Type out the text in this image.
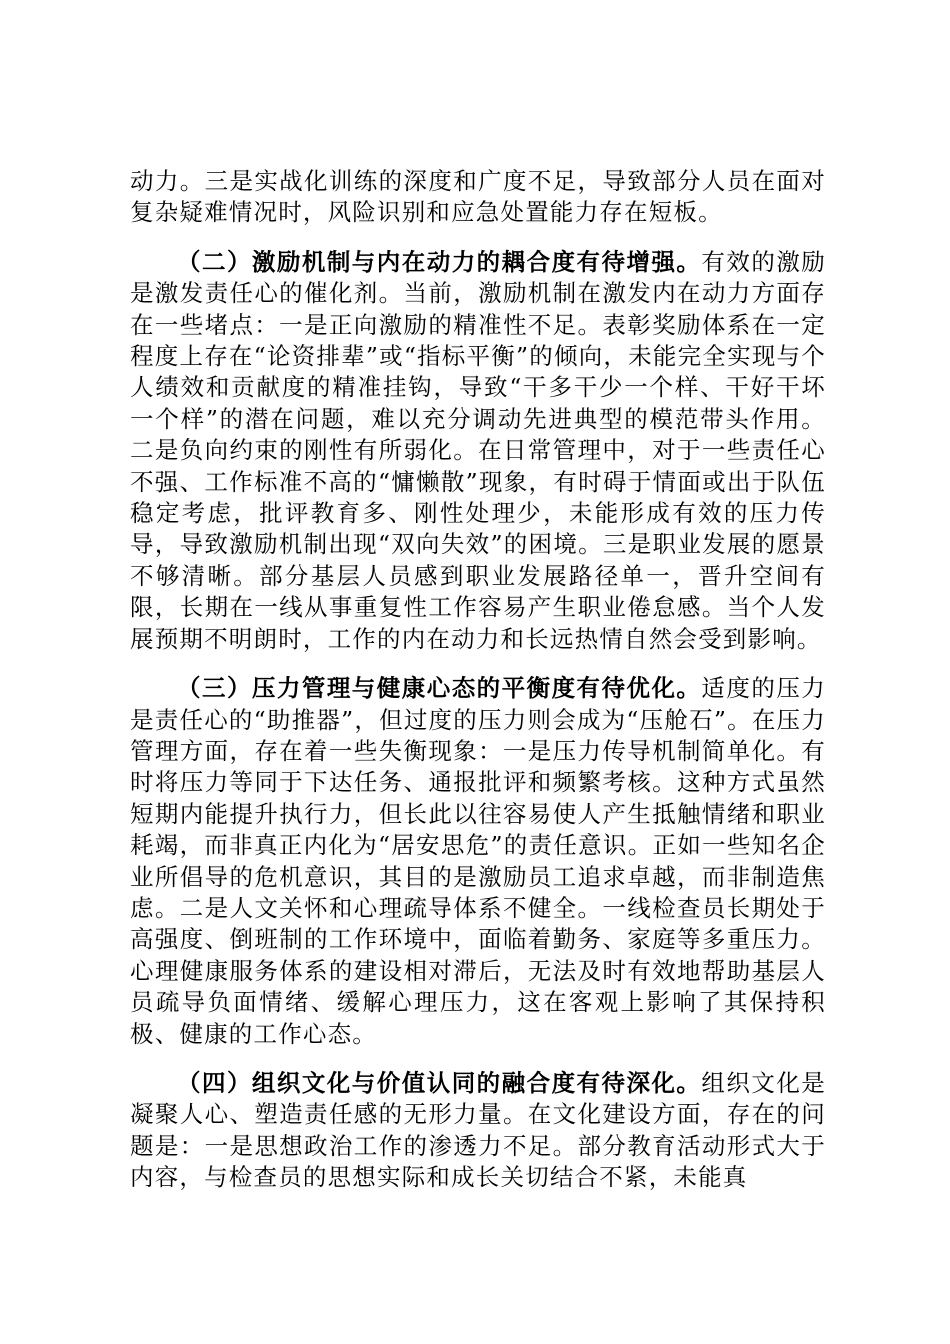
动力。三是实战化训练的深度和广度不足，导致部分人员在面对复杂疑难情况时，风险识别和应急处置能力存在短板。

（二）激励机制与内在动力的耦合度有待增强。有效的激励是激发责任心的催化剂。当前，激励机制在激发内在动力方面存在一些堵点：一是正向激励的精准性不足。表彰奖励体系在一定程度上存在“论资排辈”或“指标平衡”的倾向，未能完全实现与个人绩效和贡献度的精准挂钩，导致“干多干少一个样、干好干坏一个样”的潜在问题，难以充分调动先进典型的模范带头作用。二是负向约束的刚性有所弱化。在日常管理中，对于一些责任心不强、工作标准不高的“慵懒散”现象，有时碍于情面或出于队伍稳定考虑，批评教育多、刚性处理少，未能形成有效的压力传导，导致激励机制出现“双向失效”的困境。三是职业发展的愿景不够清晰。部分基层人员感到职业发展路径单一，晋升空间有限，长期在一线从事重复性工作容易产生职业倦怠感。当个人发展预期不明朗时，工作的内在动力和长远热情自然会受到影响。

（三）压力管理与健康心态的平衡度有待优化。适度的压力是责任心的“助推器”，但过度的压力则会成为“压舱石”。在压力管理方面，存在着一些失衡现象：一是压力传导机制简单化。有时将压力等同于下达任务、通报批评和频繁考核。这种方式虽然短期内能提升执行力，但长此以往容易使人产生抵触情绪和职业耗竭，而非真正内化为“居安思危”的责任意识。正如一些知名企业所倡导的危机意识，其目的是激励员工追求卓越，而非制造焦虑。二是人文关怀和心理疏导体系不健全。一线检查员长期处于高强度、倒班制的工作环境中，面临着勤务、家庭等多重压力。心理健康服务体系的建设相对滞后，无法及时有效地帮助基层人员疏导负面情绪、缓解心理压力，这在客观上影响了其保持积极、健康的工作心态。

（四）组织文化与价值认同的融合度有待深化。组织文化是凝聚人心、塑造责任感的无形力量。在文化建设方面，存在的问题是：一是思想政治工作的渗透力不足。部分教育活动形式大于内容，与检查员的思想实际和成长关切结合不紧，未能真
